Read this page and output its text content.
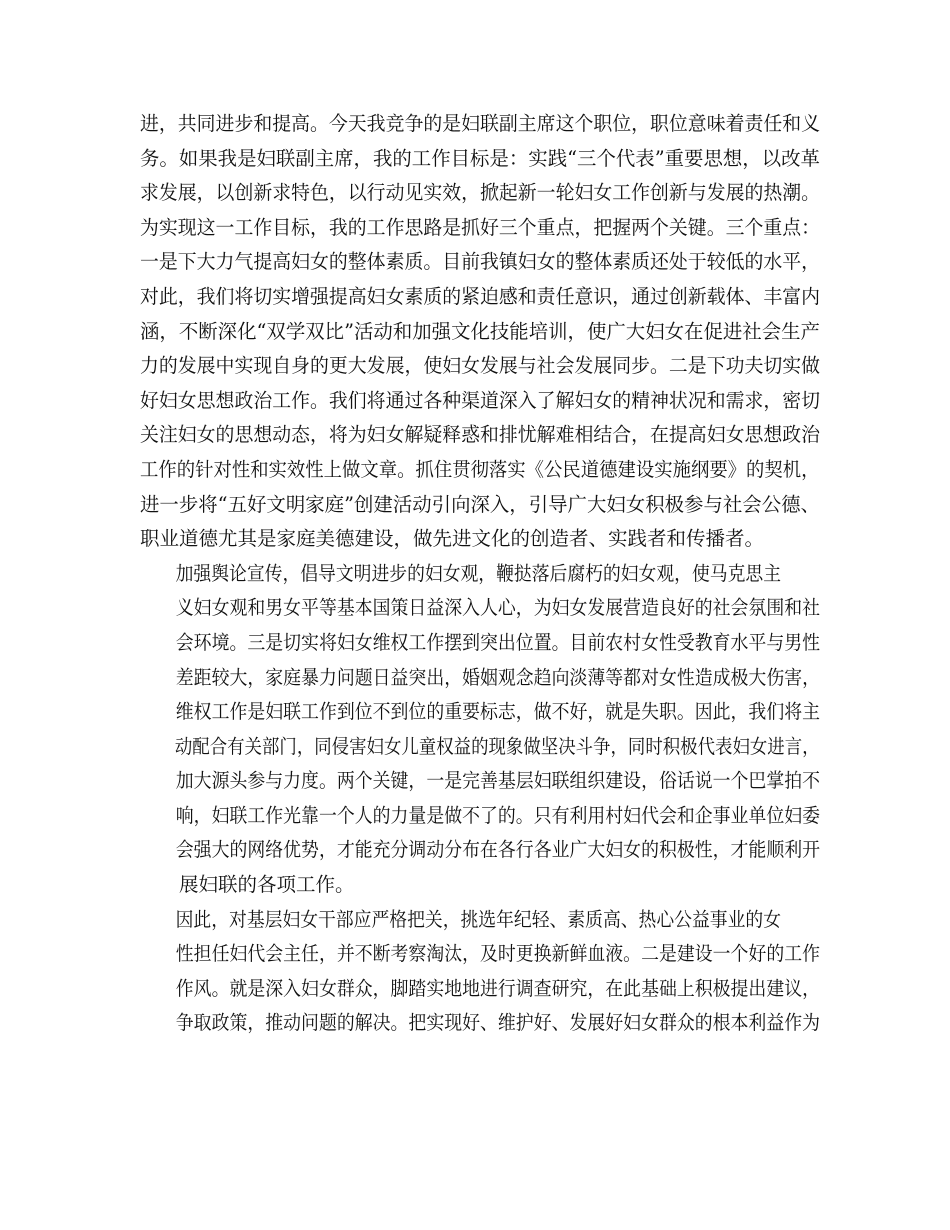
进，共同进步和提高。今天我竞争的是妇联副主席这个职位，职位意味着责任和义
务。如果我是妇联副主席，我的工作目标是：实践“三个代表”重要思想，以改革
求发展，以创新求特色，以行动见实效，掀起新一轮妇女工作创新与发展的热潮。
为实现这一工作目标，我的工作思路是抓好三个重点，把握两个关键。三个重点：
一是下大力气提高妇女的整体素质。目前我镇妇女的整体素质还处于较低的水平，
对此，我们将切实增强提高妇女素质的紧迫感和责任意识，通过创新载体、丰富内
涵，不断深化“双学双比”活动和加强文化技能培训，使广大妇女在促进社会生产
力的发展中实现自身的更大发展，使妇女发展与社会发展同步。二是下功夫切实做
好妇女思想政治工作。我们将通过各种渠道深入了解妇女的精神状况和需求，密切
关注妇女的思想动态，将为妇女解疑释惑和排忧解难相结合，在提高妇女思想政治
工作的针对性和实效性上做文章。抓住贯彻落实《公民道德建设实施纲要》的契机，
进一步将“五好文明家庭”创建活动引向深入，引导广大妇女积极参与社会公德、
职业道德尤其是家庭美德建设，做先进文化的创造者、实践者和传播者。
加强舆论宣传，倡导文明进步的妇女观，鞭挞落后腐朽的妇女观，使马克思主
义妇女观和男女平等基本国策日益深入人心，为妇女发展营造良好的社会氛围和社
会环境。三是切实将妇女维权工作摆到突出位置。目前农村女性受教育水平与男性
差距较大，家庭暴力问题日益突出，婚姻观念趋向淡薄等都对女性造成极大伤害，
维权工作是妇联工作到位不到位的重要标志，做不好，就是失职。因此，我们将主
动配合有关部门，同侵害妇女儿童权益的现象做坚决斗争，同时积极代表妇女进言，
加大源头参与力度。两个关键，一是完善基层妇联组织建设，俗话说一个巴掌拍不
响，妇联工作光靠一个人的力量是做不了的。只有利用村妇代会和企事业单位妇委
会强大的网络优势，才能充分调动分布在各行各业广大妇女的积极性，才能顺利开
展妇联的各项工作。
因此，对基层妇女干部应严格把关，挑选年纪轻、素质高、热心公益事业的女
性担任妇代会主任，并不断考察淘汰，及时更换新鲜血液。二是建设一个好的工作
作风。就是深入妇女群众，脚踏实地地进行调查研究，在此基础上积极提出建议，
争取政策，推动问题的解决。把实现好、维护好、发展好妇女群众的根本利益作为
